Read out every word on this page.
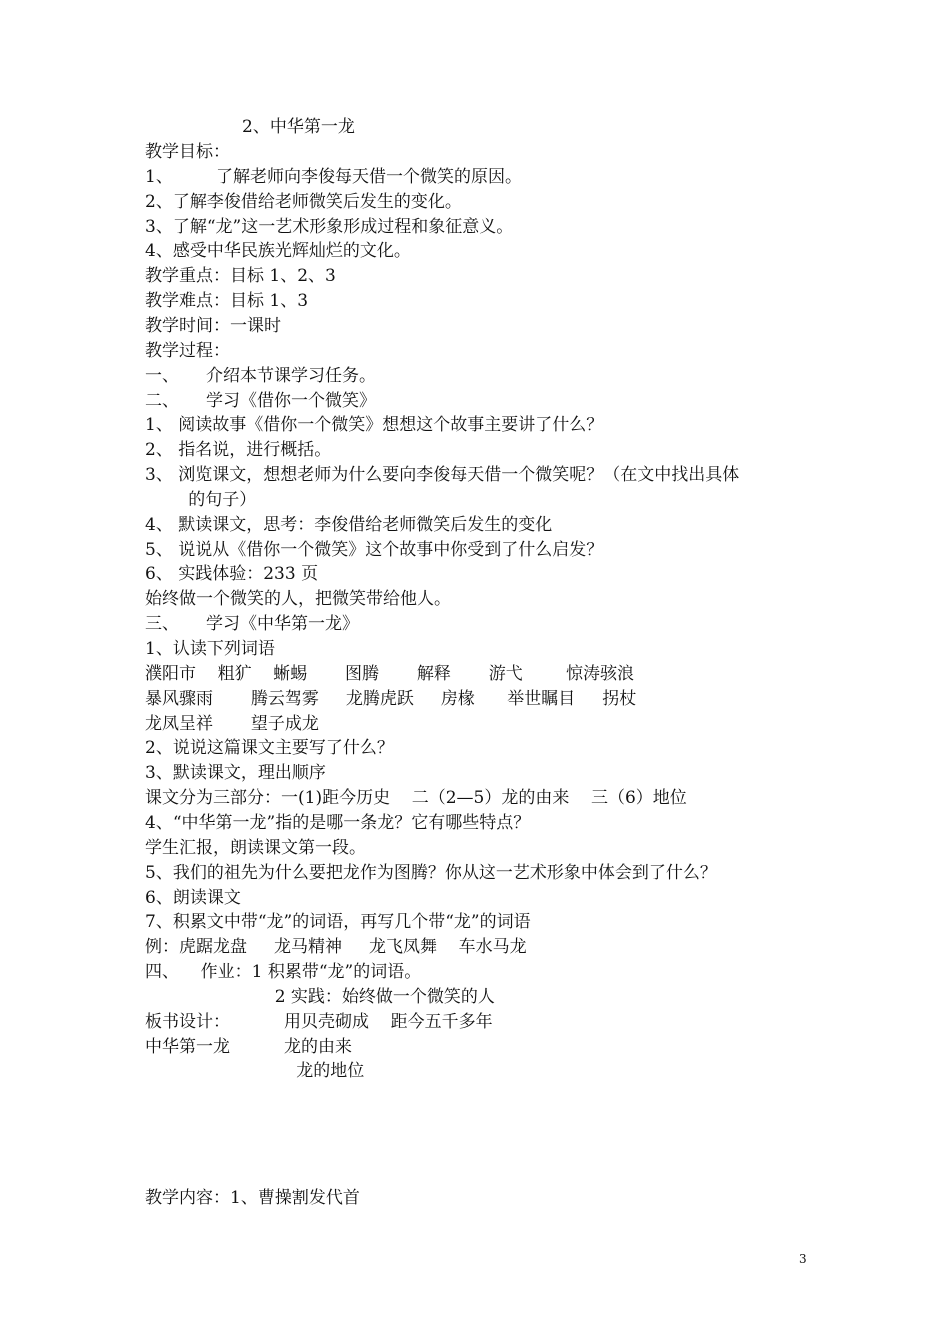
2、中华第一龙
教学目标：
1、        了解老师向李俊每天借一个微笑的原因。
2、了解李俊借给老师微笑后发生的变化。
3、了解“龙”这一艺术形象形成过程和象征意义。
4、感受中华民族光辉灿烂的文化。
教学重点：目标 1、2、3
教学难点：目标 1、3
教学时间：一课时
教学过程：
一、     介绍本节课学习任务。
二、     学习《借你一个微笑》
1、 阅读故事《借你一个微笑》想想这个故事主要讲了什么？
2、 指名说，进行概括。
3、 浏览课文，想想老师为什么要向李俊每天借一个微笑呢？（在文中找出具体
的句子）
4、 默读课文，思考：李俊借给老师微笑后发生的变化
5、 说说从《借你一个微笑》这个故事中你受到了什么启发？
6、 实践体验：233 页
始终做一个微笑的人，把微笑带给他人。
三、     学习《中华第一龙》
1、认读下列词语
濮阳市    粗犷    蜥蜴       图腾       解释       游弋        惊涛骇浪
暴风骤雨       腾云驾雾     龙腾虎跃     房椽      举世瞩目     拐杖
龙凤呈祥       望子成龙
2、说说这篇课文主要写了什么？
3、默读课文，理出顺序
课文分为三部分：一(1)距今历史    二（2—5）龙的由来    三（6）地位
4、“中华第一龙”指的是哪一条龙？它有哪些特点？
学生汇报，朗读课文第一段。
5、我们的祖先为什么要把龙作为图腾？你从这一艺术形象中体会到了什么？
6、朗读课文
7、积累文中带“龙”的词语，再写几个带“龙”的词语
例：虎踞龙盘     龙马精神     龙飞凤舞    车水马龙
四、    作业：1 积累带“龙”的词语。
2 实践：始终做一个微笑的人
板书设计：          用贝壳砌成    距今五千多年
中华第一龙          龙的由来
龙的地位
教学内容：1、曹操割发代首
3
